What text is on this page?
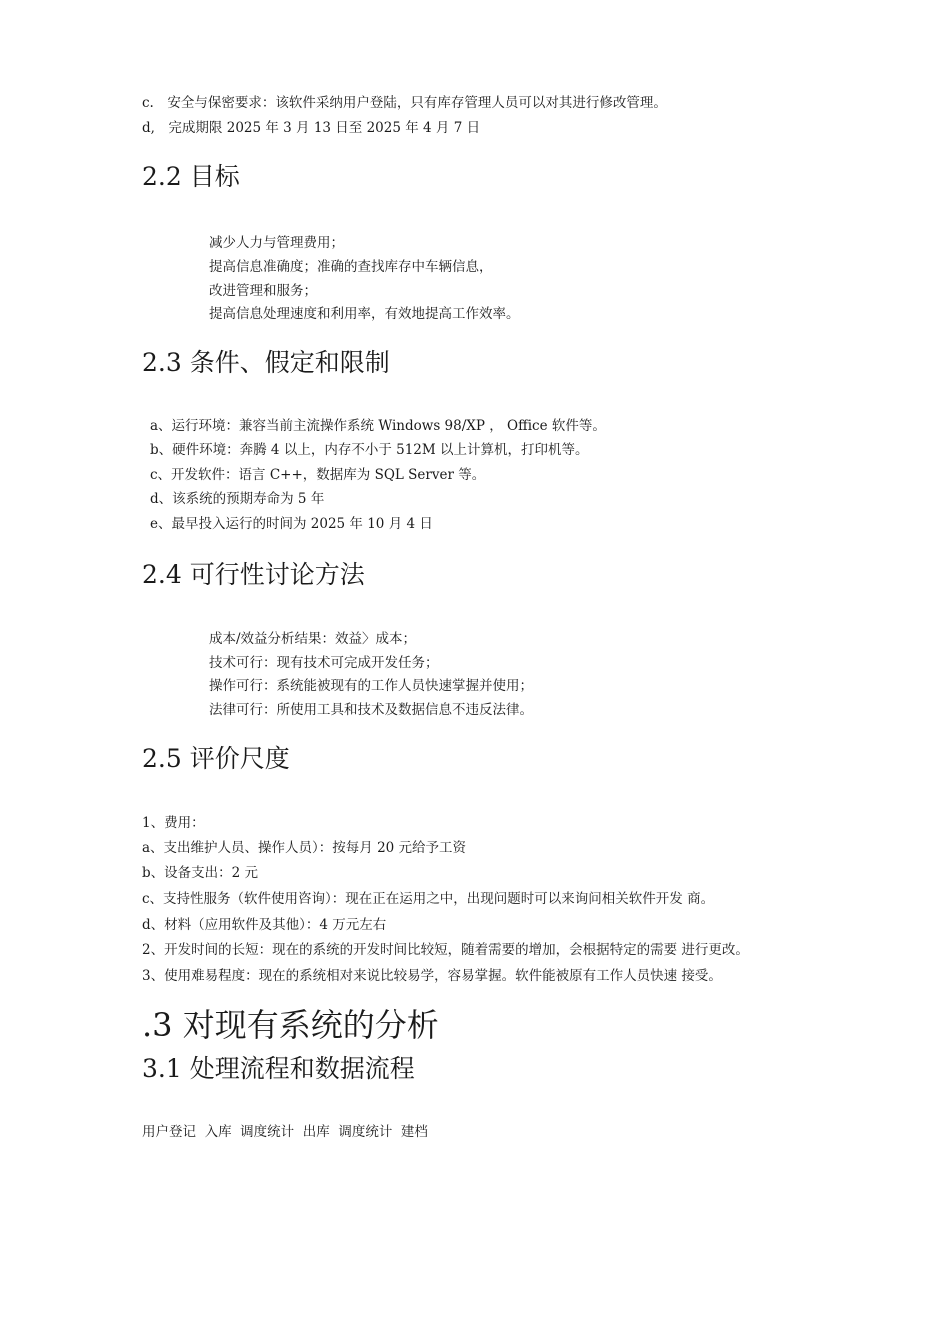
c.　安全与保密要求：该软件采纳用户登陆，只有库存管理人员可以对其进行修改管理。
d,　完成期限 2025 年 3 月 13 日至 2025 年 4 月 7 日
2.2 目标
减少人力与管理费用；
提高信息准确度；准确的查找库存中车辆信息，
改进管理和服务；
提高信息处理速度和利用率，有效地提高工作效率。
2.3 条件、假定和限制
a、运行环境：兼容当前主流操作系统 Windows 98/XP ， Office 软件等。
b、硬件环境：奔腾 4 以上，内存不小于 512M 以上计算机，打印机等。
c、开发软件：语言 C++，数据库为 SQL Server 等。
d、该系统的预期寿命为 5 年
e、最早投入运行的时间为 2025 年 10 月 4 日
2.4 可行性讨论方法
成本/效益分析结果：效益〉成本；
技术可行：现有技术可完成开发任务；
操作可行：系统能被现有的工作人员快速掌握并使用；
法律可行：所使用工具和技术及数据信息不违反法律。
2.5 评价尺度
1、费用：
a、支出维护人员、操作人员）：按每月 20 元给予工资
b、设备支出：2 元
c、支持性服务（软件使用咨询）：现在正在运用之中，出现问题时可以来询问相关软件开发 商。
d、材料（应用软件及其他）：4 万元左右
2、开发时间的长短：现在的系统的开发时间比较短，随着需要的增加，会根据特定的需要 进行更改。
3、使用难易程度：现在的系统相对来说比较易学，容易掌握。软件能被原有工作人员快速 接受。
.3 对现有系统的分析
3.1 处理流程和数据流程
用户登记  入库  调度统计  出库  调度统计  建档
